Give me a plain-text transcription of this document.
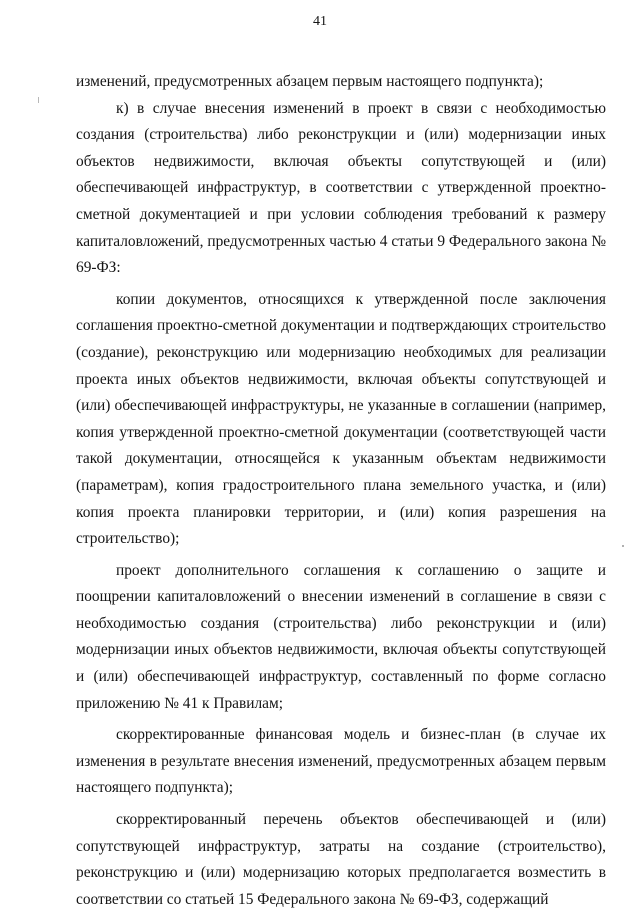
41

изменений, предусмотренных абзацем первым настоящего подпункта);

к) в случае внесения изменений в проект в связи с необходимостью создания (строительства) либо реконструкции и (или) модернизации иных объектов недвижимости, включая объекты сопутствующей и (или) обеспечивающей инфраструктур, в соответствии с утвержденной проектно-сметной документацией и при условии соблюдения требований к размеру капиталовложений, предусмотренных частью 4 статьи 9 Федерального закона № 69-ФЗ:

копии документов, относящихся к утвержденной после заключения соглашения проектно-сметной документации и подтверждающих строительство (создание), реконструкцию или модернизацию необходимых для реализации проекта иных объектов недвижимости, включая объекты сопутствующей и (или) обеспечивающей инфраструктуры, не указанные в соглашении (например, копия утвержденной проектно-сметной документации (соответствующей части такой документации, относящейся к указанным объектам недвижимости (параметрам), копия градостроительного плана земельного участка, и (или) копия проекта планировки территории, и (или) копия разрешения на строительство);

проект дополнительного соглашения к соглашению о защите и поощрении капиталовложений о внесении изменений в соглашение в связи с необходимостью создания (строительства) либо реконструкции и (или) модернизации иных объектов недвижимости, включая объекты сопутствующей и (или) обеспечивающей инфраструктур, составленный по форме согласно приложению № 41 к Правилам;

скорректированные финансовая модель и бизнес-план (в случае их изменения в результате внесения изменений, предусмотренных абзацем первым настоящего подпункта);

скорректированный перечень объектов обеспечивающей и (или) сопутствующей инфраструктур, затраты на создание (строительство), реконструкцию и (или) модернизацию которых предполагается возместить в соответствии со статьей 15 Федерального закона № 69-ФЗ, содержащий
